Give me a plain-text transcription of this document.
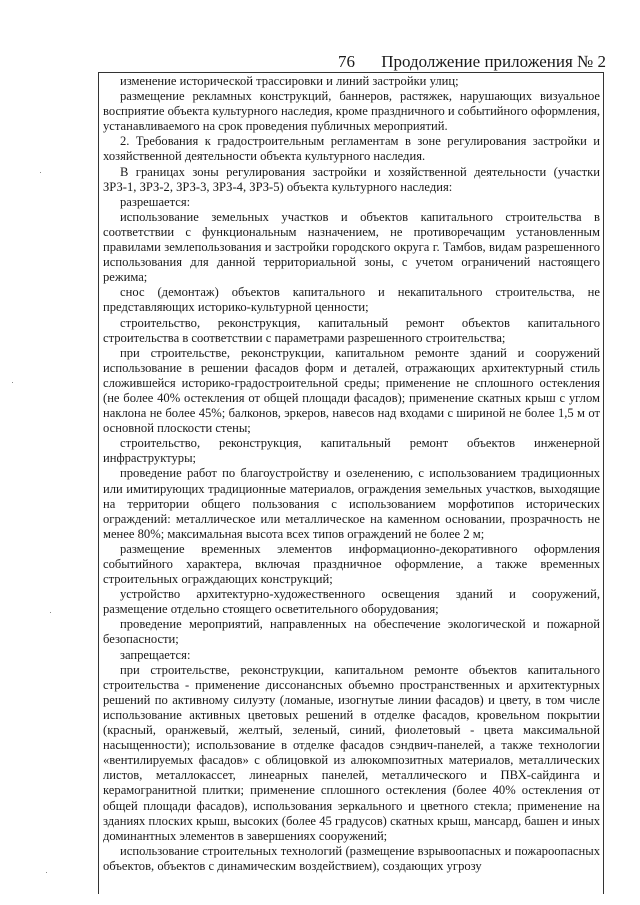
76 Продолжение приложения № 2

изменение исторической трассировки и линий застройки улиц;

размещение рекламных конструкций, баннеров, растяжек, нарушающих визуальное восприятие объекта культурного наследия, кроме праздничного и событийного оформления, устанавливаемого на срок проведения публичных мероприятий.

2. Требования к градостроительным регламентам в зоне регулирования застройки и хозяйственной деятельности объекта культурного наследия.

В границах зоны регулирования застройки и хозяйственной деятельности (участки ЗРЗ-1, ЗРЗ-2, ЗРЗ-3, ЗРЗ-4, ЗРЗ-5) объекта культурного наследия:

разрешается:

использование земельных участков и объектов капитального строительства в соответствии с функциональным назначением, не противоречащим установленным правилами землепользования и застройки городского округа г. Тамбов, видам разрешенного использования для данной территориальной зоны, с учетом ограничений настоящего режима;

снос (демонтаж) объектов капитального и некапитального строительства, не представляющих историко-культурной ценности;

строительство, реконструкция, капитальный ремонт объектов капитального строительства в соответствии с параметрами разрешенного строительства;

при строительстве, реконструкции, капитальном ремонте зданий и сооружений использование в решении фасадов форм и деталей, отражающих архитектурный стиль сложившейся историко-градостроительной среды; применение не сплошного остекления (не более 40% остекления от общей площади фасадов); применение скатных крыш с углом наклона не более 45%; балконов, эркеров, навесов над входами с шириной не более 1,5 м от основной плоскости стены;

строительство, реконструкция, капитальный ремонт объектов инженерной инфраструктуры;

проведение работ по благоустройству и озеленению, с использованием традиционных или имитирующих традиционные материалов, ограждения земельных участков, выходящие на территории общего пользования с использованием морфотипов исторических ограждений: металлическое или металлическое на каменном основании, прозрачность не менее 80%; максимальная высота всех типов ограждений не более 2 м;

размещение временных элементов информационно-декоративного оформления событийного характера, включая праздничное оформление, а также временных строительных ограждающих конструкций;

устройство архитектурно-художественного освещения зданий и сооружений, размещение отдельно стоящего осветительного оборудования;

проведение мероприятий, направленных на обеспечение экологической и пожарной безопасности;

запрещается:

при строительстве, реконструкции, капитальном ремонте объектов капитального строительства - применение диссонансных объемно пространственных и архитектурных решений по активному силуэту (ломаные, изогнутые линии фасадов) и цвету, в том числе использование активных цветовых решений в отделке фасадов, кровельном покрытии (красный, оранжевый, желтый, зеленый, синий, фиолетовый - цвета максимальной насыщенности); использование в отделке фасадов сэндвич-панелей, а также технологии «вентилируемых фасадов» с облицовкой из алюкомпозитных материалов, металлических листов, металлокассет, линеарных панелей, металлического и ПВХ-сайдинга и керамогранитной плитки; применение сплошного остекления (более 40% остекления от общей площади фасадов), использования зеркального и цветного стекла; применение на зданиях плоских крыш, высоких (более 45 градусов) скатных крыш, мансард, башен и иных доминантных элементов в завершениях сооружений;

использование строительных технологий (размещение взрывоопасных и пожароопасных объектов, объектов с динамическим воздействием), создающих угрозу
